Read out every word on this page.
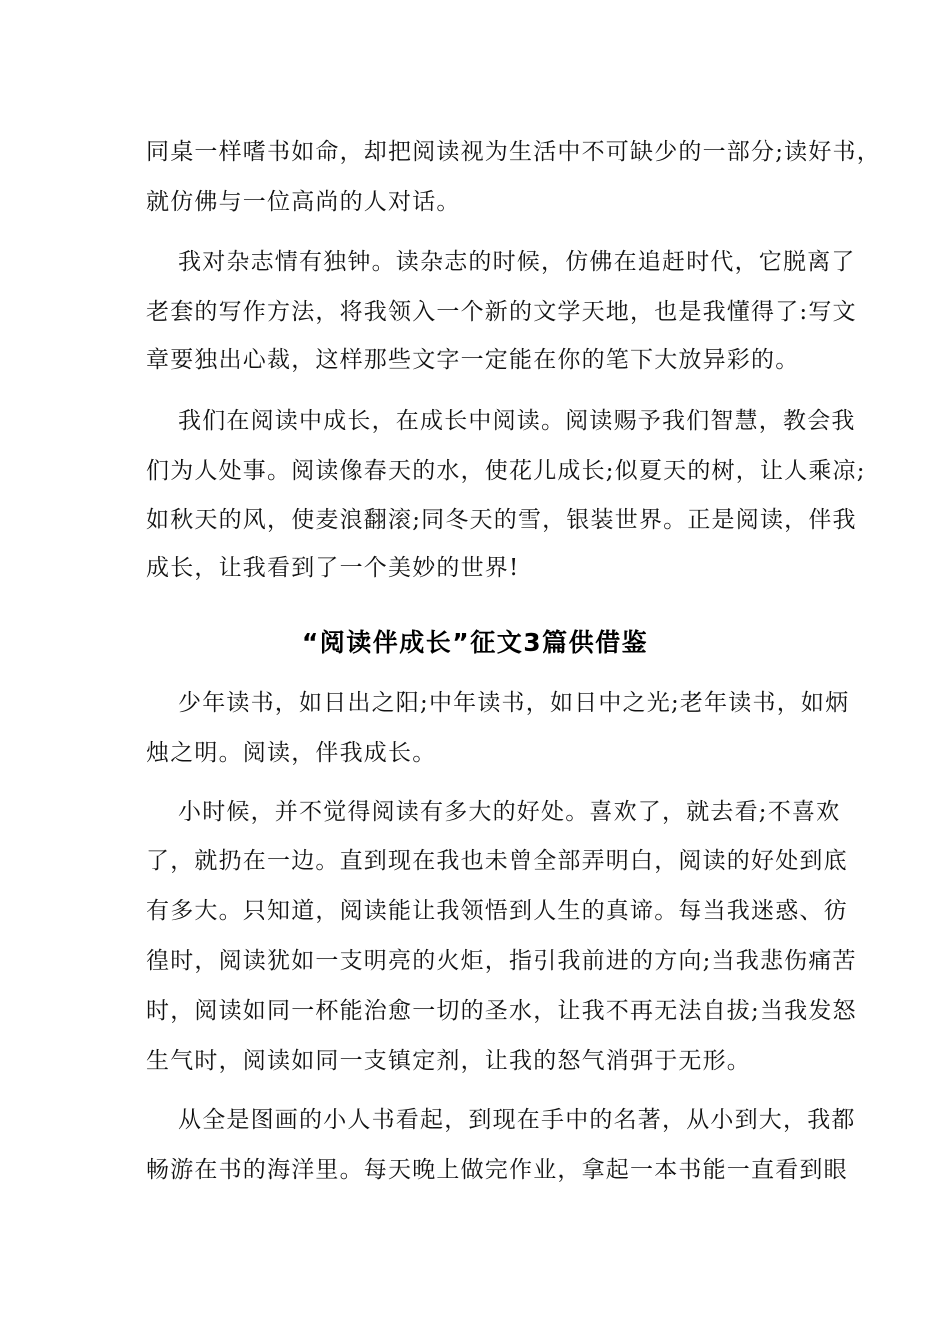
同桌一样嗜书如命，却把阅读视为生活中不可缺少的一部分;读好书，

就仿佛与一位高尚的人对话。

我对杂志情有独钟。读杂志的时候，仿佛在追赶时代，它脱离了

老套的写作方法，将我领入一个新的文学天地，也是我懂得了:写文

章要独出心裁，这样那些文字一定能在你的笔下大放异彩的。

我们在阅读中成长，在成长中阅读。阅读赐予我们智慧，教会我

们为人处事。阅读像春天的水，使花儿成长;似夏天的树，让人乘凉;

如秋天的风，使麦浪翻滚;同冬天的雪，银装世界。正是阅读，伴我

成长，让我看到了一个美妙的世界!

“阅读伴成长”征文3篇供借鉴

少年读书，如日出之阳;中年读书，如日中之光;老年读书，如炳

烛之明。阅读，伴我成长。

小时候，并不觉得阅读有多大的好处。喜欢了，就去看;不喜欢

了，就扔在一边。直到现在我也未曾全部弄明白，阅读的好处到底

有多大。只知道，阅读能让我领悟到人生的真谛。每当我迷惑、彷

徨时，阅读犹如一支明亮的火炬，指引我前进的方向;当我悲伤痛苦

时，阅读如同一杯能治愈一切的圣水，让我不再无法自拔;当我发怒

生气时，阅读如同一支镇定剂，让我的怒气消弭于无形。

从全是图画的小人书看起，到现在手中的名著，从小到大，我都

畅游在书的海洋里。每天晚上做完作业，拿起一本书能一直看到眼
